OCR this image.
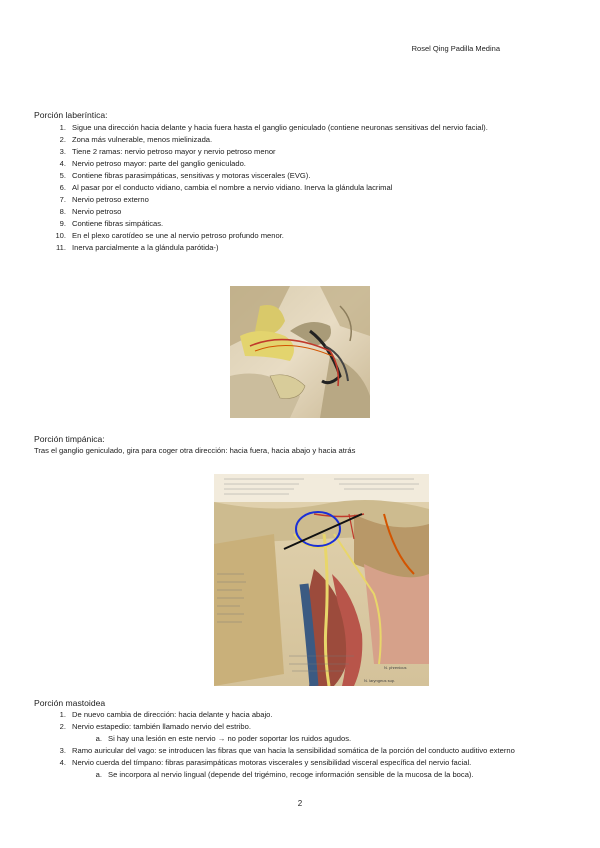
Rosel Qing Padilla Medina
Porción laberíntica:
1. Sigue una dirección hacia delante y hacia fuera hasta el ganglio geniculado (contiene neuronas sensitivas del nervio facial).
2. Zona más vulnerable, menos mielinizada.
3. Tiene 2 ramas: nervio petroso mayor y nervio petroso menor
4. Nervio petroso mayor: parte del ganglio geniculado.
5. Contiene fibras parasimpáticas, sensitivas y motoras viscerales (EVG).
6. Al pasar por el conducto vidiano, cambia el nombre a nervio vidiano. Inerva la glándula lacrimal
7. Nervio petroso externo
8. Nervio petroso
9. Contiene fibras simpáticas.
10. En el plexo carotídeo se une al nervio petroso profundo menor.
11. Inerva parcialmente a la glándula parótida-)
Porción timpánica:
Tras el ganglio geniculado, gira para coger otra dirección: hacia fuera, hacia abajo y hacia atrás
N. phrenicus
N. laryngeus sup.
Porción mastoidea
1. De nuevo cambia de dirección: hacia delante y hacia abajo.
2. Nervio estapedio: también llamado nervio del estribo.
a. Si hay una lesión en este nervio → no poder soportar los ruidos agudos.
3. Ramo auricular del vago: se introducen las fibras que van hacia la sensibilidad somática de la porción del conducto auditivo externo
4. Nervio cuerda del tímpano: fibras parasimpáticas motoras viscerales y sensibilidad visceral específica del nervio facial.
a. Se incorpora al nervio lingual (depende del trigémino, recoge información sensible de la mucosa de la boca).
2
